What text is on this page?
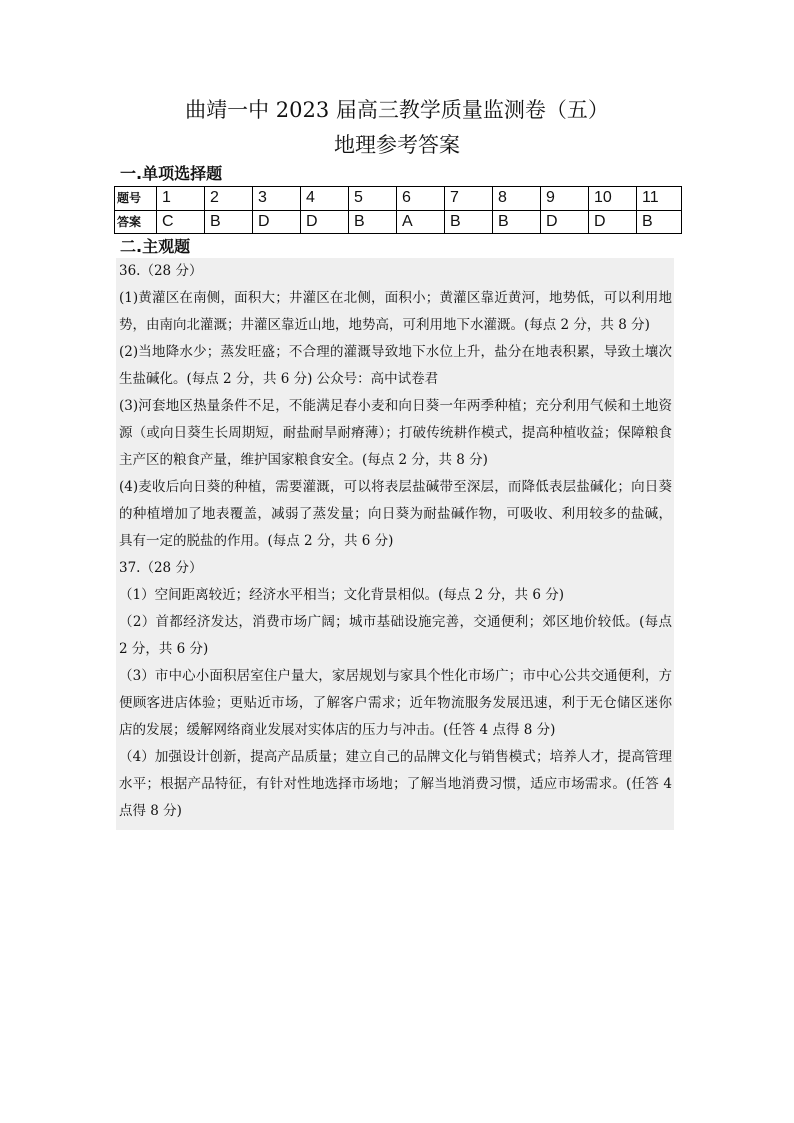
曲靖一中 2023 届高三教学质量监测卷（五）
地理参考答案
一.单项选择题
题号	1	2	3	4	5	6	7	8	9	10	11
答案	C	B	D	D	B	A	B	B	D	D	B
二.主观题

36.（28 分）

(1)黄灌区在南侧，面积大；井灌区在北侧，面积小；黄灌区靠近黄河，地势低，可以利用地势，由南向北灌溉；井灌区靠近山地，地势高，可利用地下水灌溉。(每点 2 分，共 8 分)

(2)当地降水少；蒸发旺盛；不合理的灌溉导致地下水位上升，盐分在地表积累，导致土壤次生盐碱化。(每点 2 分，共 6 分) 公众号：高中试卷君

(3)河套地区热量条件不足，不能满足春小麦和向日葵一年两季种植；充分利用气候和土地资源（或向日葵生长周期短，耐盐耐旱耐瘠薄）；打破传统耕作模式，提高种植收益；保障粮食主产区的粮食产量，维护国家粮食安全。(每点 2 分，共 8 分)

(4)麦收后向日葵的种植，需要灌溉，可以将表层盐碱带至深层，而降低表层盐碱化；向日葵的种植增加了地表覆盖，减弱了蒸发量；向日葵为耐盐碱作物，可吸收、利用较多的盐碱，具有一定的脱盐的作用。(每点 2 分，共 6 分)

37.（28 分）

（1）空间距离较近；经济水平相当；文化背景相似。(每点 2 分，共 6 分)

（2）首都经济发达，消费市场广阔；城市基础设施完善，交通便利；郊区地价较低。(每点 2 分，共 6 分)

（3）市中心小面积居室住户量大，家居规划与家具个性化市场广；市中心公共交通便利，方便顾客进店体验；更贴近市场，了解客户需求；近年物流服务发展迅速，利于无仓储区迷你店的发展；缓解网络商业发展对实体店的压力与冲击。(任答 4 点得 8 分)

（4）加强设计创新，提高产品质量；建立自己的品牌文化与销售模式；培养人才，提高管理水平；根据产品特征，有针对性地选择市场地；了解当地消费习惯，适应市场需求。(任答 4 点得 8 分)
